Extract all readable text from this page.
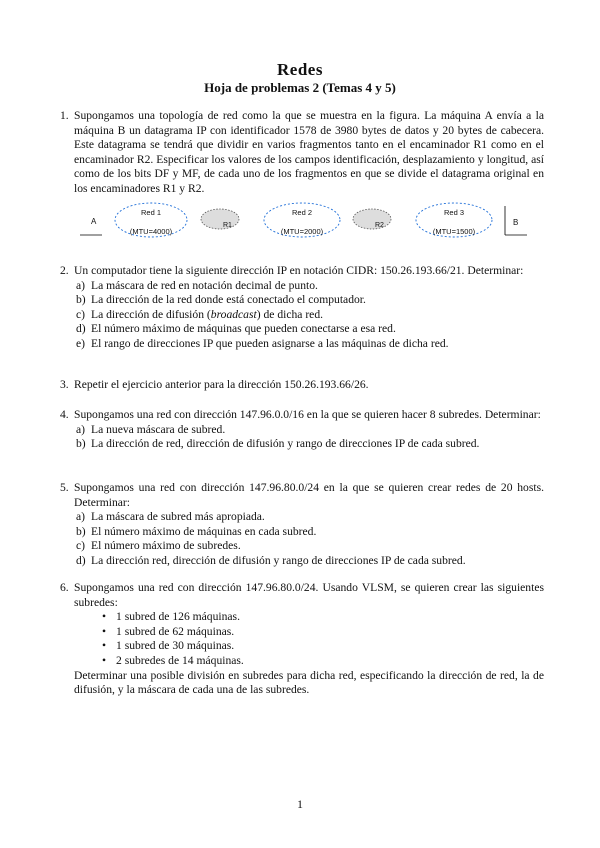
Redes
Hoja de problemas 2 (Temas 4 y 5)
1. Supongamos una topología de red como la que se muestra en la figura. La máquina A envía a la máquina B un datagrama IP con identificador 1578 de 3980 bytes de datos y 20 bytes de cabecera. Este datagrama se tendrá que dividir en varios fragmentos tanto en el encaminador R1 como en el encaminador R2. Especificar los valores de los campos identificación, desplazamiento y longitud, así como de los bits DF y MF, de cada uno de los fragmentos en que se divide el datagrama original en los encaminadores R1 y R2.

A	B
R1	R2
Red 1
(MTU=4000)
Red 2
(MTU=2000)
Red 3
(MTU=1500)
2. Un computador tiene la siguiente dirección IP en notación CIDR: 150.26.193.66/21. Determinar:

a) La máscara de red en notación decimal de punto.
b) La dirección de la red donde está conectado el computador.
c) La dirección de difusión (broadcast) de dicha red.
d) El número máximo de máquinas que pueden conectarse a esa red.
e) El rango de direcciones IP que pueden asignarse a las máquinas de dicha red.
3. Repetir el ejercicio anterior para la dirección 150.26.193.66/26.

4. Supongamos una red con dirección 147.96.0.0/16 en la que se quieren hacer 8 subredes. Determinar:

a) La nueva máscara de subred.
b) La dirección de red, dirección de difusión y rango de direcciones IP de cada subred.
5. Supongamos una red con dirección 147.96.80.0/24 en la que se quieren crear redes de 20 hosts. Determinar:

a) La máscara de subred más apropiada.
b) El número máximo de máquinas en cada subred.
c) El número máximo de subredes.
d) La dirección red, dirección de difusión y rango de direcciones IP de cada subred.
6. Supongamos una red con dirección 147.96.80.0/24. Usando VLSM, se quieren crear las siguientes subredes:

• 1 subred de 126 máquinas.
• 1 subred de 62 máquinas.
• 1 subred de 30 máquinas.
• 2 subredes de 14 máquinas.

Determinar una posible división en subredes para dicha red, especificando la dirección de red, la de difusión, y la máscara de cada una de las subredes.

1
